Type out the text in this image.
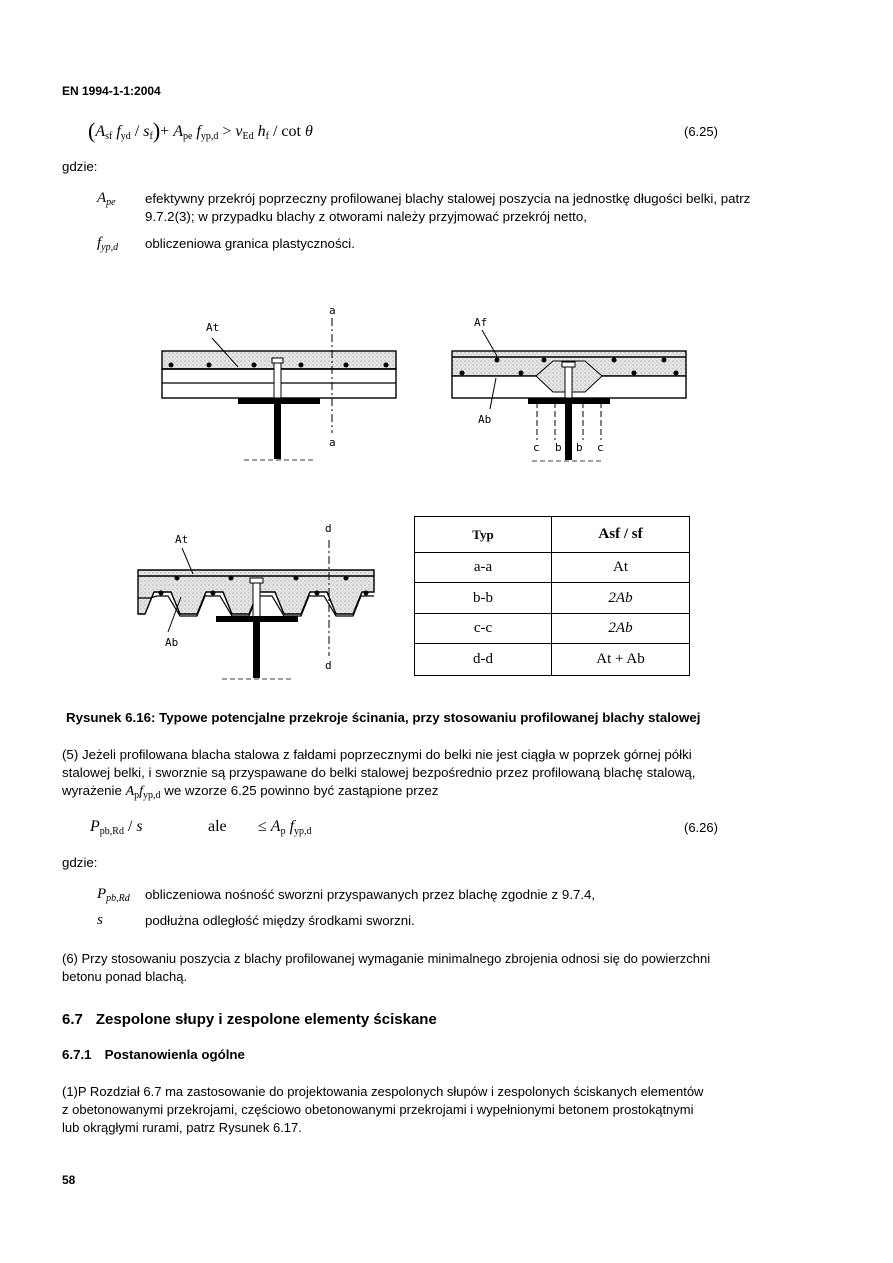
EN 1994-1-1:2004
($A_{sf}$ $f_{yd} / s_f)+ A_{pe}$ $f_{yp,d} > \nu_{Ed}$ $h_f$ / cot θ	(6.25)
gdzie:
$A_{pe}$ efektywny przekrój poprzeczny profilowanej blachy stalowej poszycia na jednostkę długości belki, patrz 9.7.2(3); w przypadku blachy z otworami należy przyjmować przekrój netto,
$f_{yp,d}$ obliczeniowa granica plastyczności.
At
a
a
Af
Ab
c b b c
At
Ab
d
d
Typ	Asf / sf
a-a	At
b-b	2Ab
c-c	2Ab
d-d	At + Ab
Rysunek 6.16: Typowe potencjalne przekroje ścinania, przy stosowaniu profilowanej blachy stalowej
(5) Jeżeli profilowana blacha stalowa z fałdami poprzecznymi do belki nie jest ciągła w poprzek górnej półki
stalowej belki, i sworznie są przyspawane do belki stalowej bezpośrednio przez profilowaną blachę stalową,
wyrażenie $A_pf_{yp,d}$ we wzorze 6.25 powinno być zastąpione przez
$P_{pb,Rd}$ / s	ale ≤ $A_p$ $f_{yp,d}$	(6.26)
gdzie:
$P_{pb,Rd}$ obliczeniowa nośność sworzni przyspawanych przez blachę zgodnie z 9.7.4,
s	podłużna odległość między środkami sworzni.
(6) Przy stosowaniu poszycia z blachy profilowanej wymaganie minimalnego zbrojenia odnosi się do powierzchni
betonu ponad blachą.
6.7 Zespolone słupy i zespolone elementy ściskane
6.7.1 Postanowienla ogólne
(1)P Rozdział 6.7 ma zastosowanie do projektowania zespolonych słupów i zespolonych ściskanych elementów
z obetonowanymi przekrojami, częściowo obetonowanymi przekrojami i wypełnionymi betonem prostokątnymi
lub okrągłymi rurami, patrz Rysunek 6.17.
58
